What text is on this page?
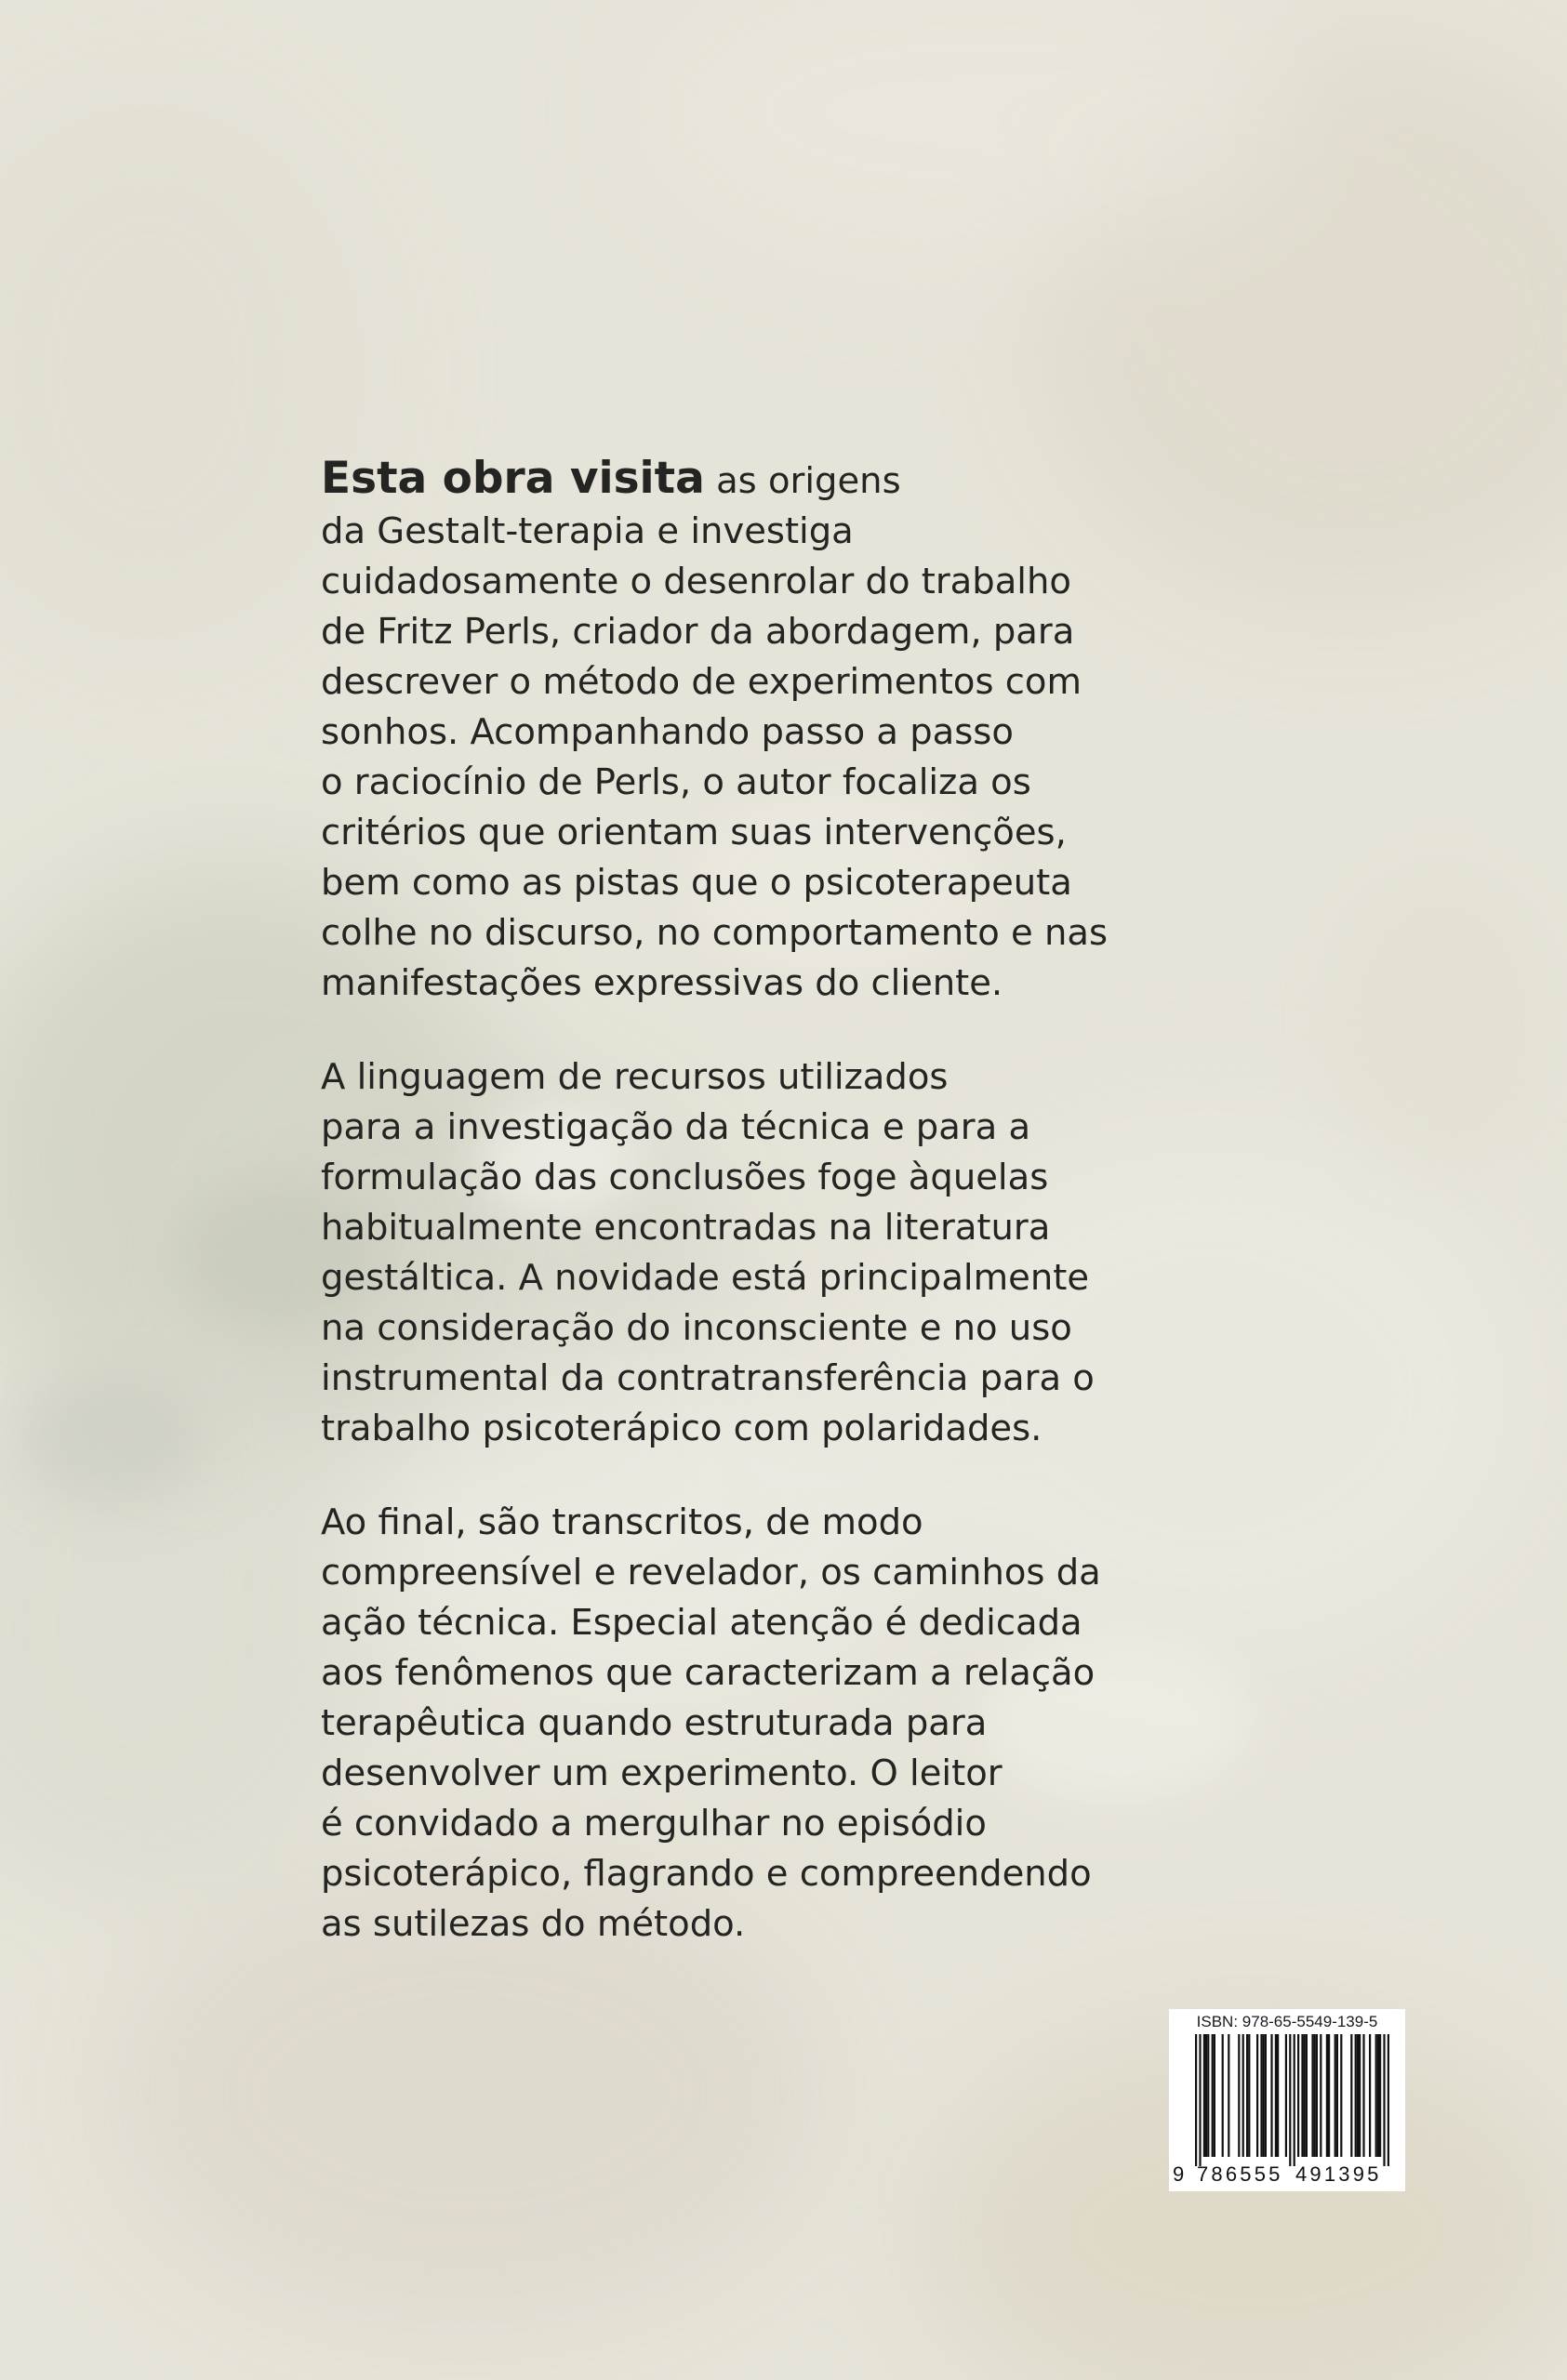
Esta obra visita as origens
da Gestalt-terapia e investiga
cuidadosamente o desenrolar do trabalho
de Fritz Perls, criador da abordagem, para
descrever o método de experimentos com
sonhos. Acompanhando passo a passo
o raciocínio de Perls, o autor focaliza os
critérios que orientam suas intervenções,
bem como as pistas que o psicoterapeuta
colhe no discurso, no comportamento e nas
manifestações expressivas do cliente.

A linguagem de recursos utilizados
para a investigação da técnica e para a
formulação das conclusões foge àquelas
habitualmente encontradas na literatura
gestáltica. A novidade está principalmente
na consideração do inconsciente e no uso
instrumental da contratransferência para o
trabalho psicoterápico com polaridades.

Ao final, são transcritos, de modo
compreensível e revelador, os caminhos da
ação técnica. Especial atenção é dedicada
aos fenômenos que caracterizam a relação
terapêutica quando estruturada para
desenvolver um experimento. O leitor
é convidado a mergulhar no episódio
psicoterápico, flagrando e compreendendo
as sutilezas do método.

ISBN: 978-65-5549-139-5
9 786555 491395
